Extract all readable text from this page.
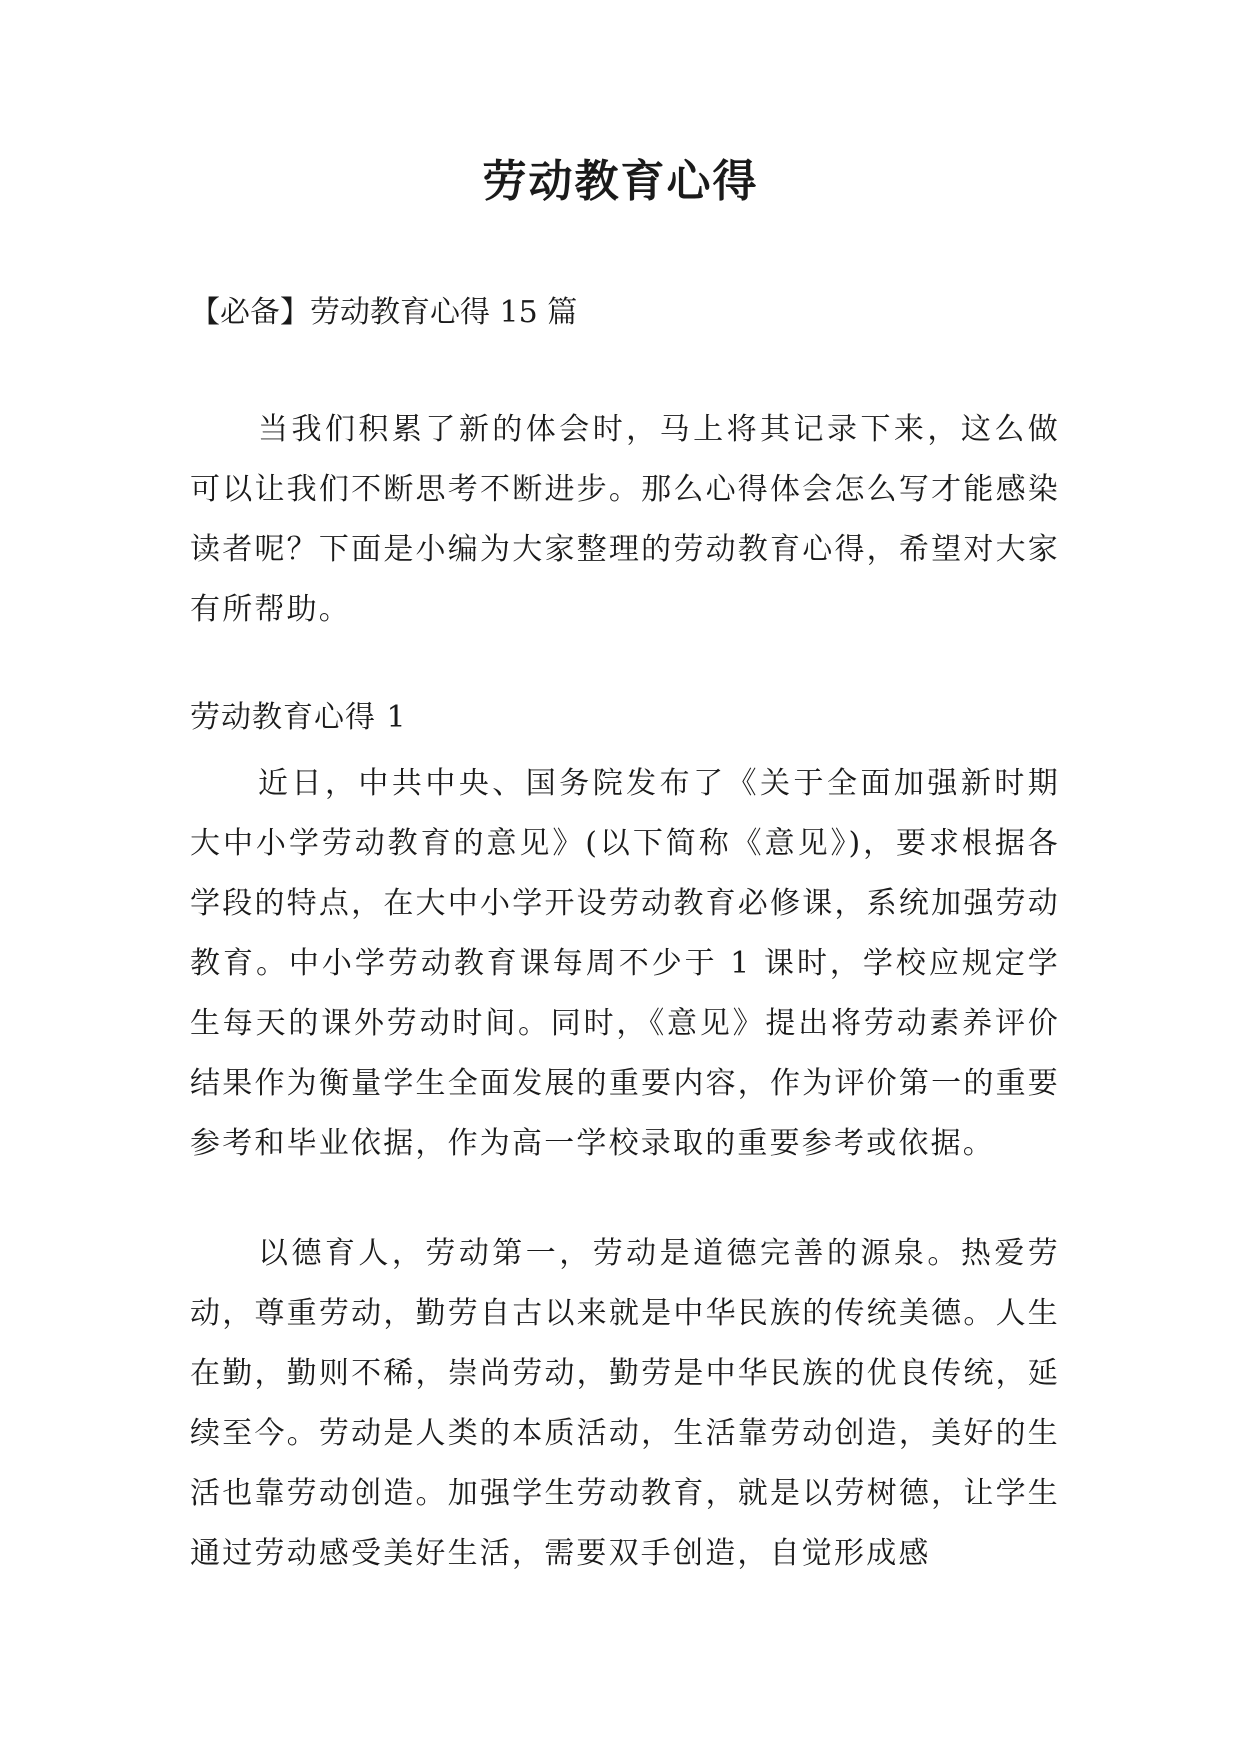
劳动教育心得
【必备】劳动教育心得 15 篇

当我们积累了新的体会时，马上将其记录下来，这么做可以让我们不断思考不断进步。那么心得体会怎么写才能感染读者呢？下面是小编为大家整理的劳动教育心得，希望对大家有所帮助。

劳动教育心得 1

近日，中共中央、国务院发布了《关于全面加强新时期大中小学劳动教育的意见》(以下简称《意见》)，要求根据各学段的特点，在大中小学开设劳动教育必修课，系统加强劳动教育。中小学劳动教育课每周不少于 1 课时，学校应规定学生每天的课外劳动时间。同时，《意见》提出将劳动素养评价结果作为衡量学生全面发展的重要内容，作为评价第一的重要参考和毕业依据，作为高一学校录取的重要参考或依据。

以德育人，劳动第一，劳动是道德完善的源泉。热爱劳动，尊重劳动，勤劳自古以来就是中华民族的传统美德。人生在勤，勤则不稀，崇尚劳动，勤劳是中华民族的优良传统，延续至今。劳动是人类的本质活动，生活靠劳动创造，美好的生活也靠劳动创造。加强学生劳动教育，就是以劳树德，让学生通过劳动感受美好生活，需要双手创造，自觉形成感
